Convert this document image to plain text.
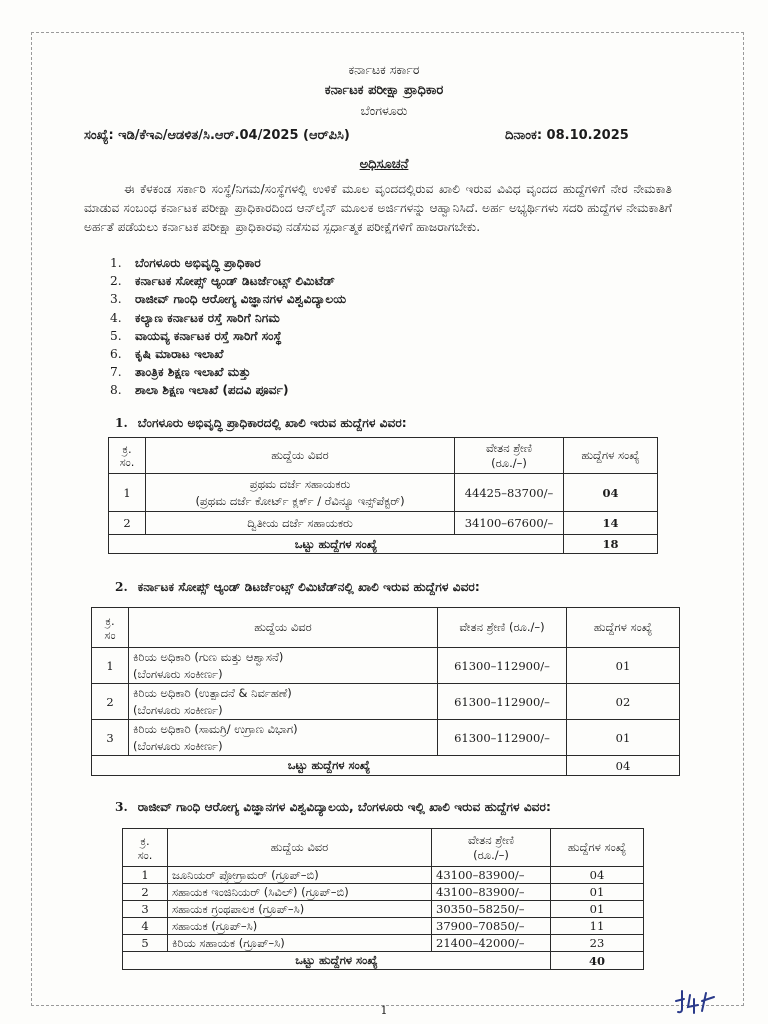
ಕರ್ನಾಟಕ ಸರ್ಕಾರ
ಕರ್ನಾಟಕ ಪರೀಕ್ಷಾ ಪ್ರಾಧಿಕಾರ
ಬೆಂಗಳೂರು
ಸಂಖ್ಯೆ: ಇಡಿ/ಕೆಇಎ/ಆಡಳಿತ/ಸಿ.ಆರ್.04/2025 (ಆರ್‌ಪಿಸಿ)	ದಿನಾಂಕ: 08.10.2025
ಅಧಿಸೂಚನೆ
ಈ ಕೆಳಕಂಡ ಸರ್ಕಾರಿ ಸಂಸ್ಥೆ/ನಿಗಮ/ಸಂಸ್ಥೆಗಳಲ್ಲಿ ಉಳಿಕೆ ಮೂಲ ವೃಂದದಲ್ಲಿರುವ ಖಾಲಿ ಇರುವ ವಿವಿಧ ವೃಂದದ ಹುದ್ದೆಗಳಿಗೆ ನೇರ ನೇಮಕಾತಿ ಮಾಡುವ ಸಂಬಂಧ ಕರ್ನಾಟಕ ಪರೀಕ್ಷಾ ಪ್ರಾಧಿಕಾರದಿಂದ ಆನ್‌ಲೈನ್ ಮೂಲಕ ಅರ್ಜಿಗಳನ್ನು ಆಹ್ವಾನಿಸಿದೆ. ಅರ್ಹ ಅಭ್ಯರ್ಥಿಗಳು ಸದರಿ ಹುದ್ದೆಗಳ ನೇಮಕಾತಿಗೆ ಅರ್ಹತೆ ಪಡೆಯಲು ಕರ್ನಾಟಕ ಪರೀಕ್ಷಾ ಪ್ರಾಧಿಕಾರವು ನಡೆಸುವ ಸ್ಪರ್ಧಾತ್ಮಕ ಪರೀಕ್ಷೆಗಳಿಗೆ ಹಾಜರಾಗಬೇಕು.
1. ಬೆಂಗಳೂರು ಅಭಿವೃದ್ಧಿ ಪ್ರಾಧಿಕಾರ
2. ಕರ್ನಾಟಕ ಸೋಪ್ಸ್ ಆ್ಯಂಡ್ ಡಿಟರ್ಜೆಂಟ್ಸ್ ಲಿಮಿಟೆಡ್
3. ರಾಜೀವ್ ಗಾಂಧಿ ಆರೋಗ್ಯ ವಿಜ್ಞಾನಗಳ ವಿಶ್ವವಿದ್ಯಾಲಯ
4. ಕಲ್ಯಾಣ ಕರ್ನಾಟಕ ರಸ್ತೆ ಸಾರಿಗೆ ನಿಗಮ
5. ವಾಯವ್ಯ ಕರ್ನಾಟಕ ರಸ್ತೆ ಸಾರಿಗೆ ಸಂಸ್ಥೆ
6. ಕೃಷಿ ಮಾರಾಟ ಇಲಾಖೆ
7. ತಾಂತ್ರಿಕ ಶಿಕ್ಷಣ ಇಲಾಖೆ ಮತ್ತು
8. ಶಾಲಾ ಶಿಕ್ಷಣ ಇಲಾಖೆ (ಪದವಿ ಪೂರ್ವ)
1. ಬೆಂಗಳೂರು ಅಭಿವೃದ್ಧಿ ಪ್ರಾಧಿಕಾರದಲ್ಲಿ ಖಾಲಿ ಇರುವ ಹುದ್ದೆಗಳ ವಿವರ:
ಕ್ರ.
ಸಂ.	ಹುದ್ದೆಯ ವಿವರ	ವೇತನ ಶ್ರೇಣಿ
(ರೂ./–)	ಹುದ್ದೆಗಳ ಸಂಖ್ಯೆ
1	ಪ್ರಥಮ ದರ್ಜೆ ಸಹಾಯಕರು
(ಪ್ರಥಮ ದರ್ಜೆ ಕೋರ್ಟ್ ಕ್ಲರ್ಕ್ / ರೆವಿನ್ಯೂ ಇನ್ಸ್‌ಪೆಕ್ಟರ್)	44425–83700/–	04
2	ದ್ವಿತೀಯ ದರ್ಜೆ ಸಹಾಯಕರು	34100–67600/–	14
ಒಟ್ಟು ಹುದ್ದೆಗಳ ಸಂಖ್ಯೆ			18
2. ಕರ್ನಾಟಕ ಸೋಪ್ಸ್ ಆ್ಯಂಡ್ ಡಿಟರ್ಜೆಂಟ್ಸ್ ಲಿಮಿಟೆಡ್‌ನಲ್ಲಿ ಖಾಲಿ ಇರುವ ಹುದ್ದೆಗಳ ವಿವರ:
ಕ್ರ.
ಸಂ	ಹುದ್ದೆಯ ವಿವರ	ವೇತನ ಶ್ರೇಣಿ (ರೂ./–)	ಹುದ್ದೆಗಳ ಸಂಖ್ಯೆ
1	ಕಿರಿಯ ಅಧಿಕಾರಿ (ಗುಣ ಮತ್ತು ಆಶ್ವಾಸನೆ)
(ಬೆಂಗಳೂರು ಸಂಕೀರ್ಣ)	61300–112900/–	01
2	ಕಿರಿಯ ಅಧಿಕಾರಿ (ಉತ್ಪಾದನೆ & ನಿರ್ವಹಣೆ)
(ಬೆಂಗಳೂರು ಸಂಕೀರ್ಣ)	61300–112900/–	02
3	ಕಿರಿಯ ಅಧಿಕಾರಿ (ಸಾಮಗ್ರಿ/ ಉಗ್ರಾಣ ವಿಭಾಗ)
(ಬೆಂಗಳೂರು ಸಂಕೀರ್ಣ)	61300–112900/–	01
ಒಟ್ಟು ಹುದ್ದೆಗಳ ಸಂಖ್ಯೆ			04
3. ರಾಜೀವ್ ಗಾಂಧಿ ಆರೋಗ್ಯ ವಿಜ್ಞಾನಗಳ ವಿಶ್ವವಿದ್ಯಾಲಯ, ಬೆಂಗಳೂರು ಇಲ್ಲಿ ಖಾಲಿ ಇರುವ ಹುದ್ದೆಗಳ ವಿವರ:
ಕ್ರ.
ಸಂ.	ಹುದ್ದೆಯ ವಿವರ	ವೇತನ ಶ್ರೇಣಿ
(ರೂ./–)	ಹುದ್ದೆಗಳ ಸಂಖ್ಯೆ
1	ಜೂನಿಯರ್ ಪ್ರೋಗ್ರಾಮರ್ (ಗ್ರೂಪ್–ಬಿ)	43100–83900/–	04
2	ಸಹಾಯಕ ಇಂಜಿನಿಯರ್ (ಸಿವಿಲ್) (ಗ್ರೂಪ್–ಬಿ)	43100–83900/–	01
3	ಸಹಾಯಕ ಗ್ರಂಥಪಾಲಕ (ಗ್ರೂಪ್–ಸಿ)	30350–58250/–	01
4	ಸಹಾಯಕ (ಗ್ರೂಪ್–ಸಿ)	37900–70850/–	11
5	ಕಿರಿಯ ಸಹಾಯಕ (ಗ್ರೂಪ್–ಸಿ)	21400–42000/–	23
ಒಟ್ಟು ಹುದ್ದೆಗಳ ಸಂಖ್ಯೆ			40
1
